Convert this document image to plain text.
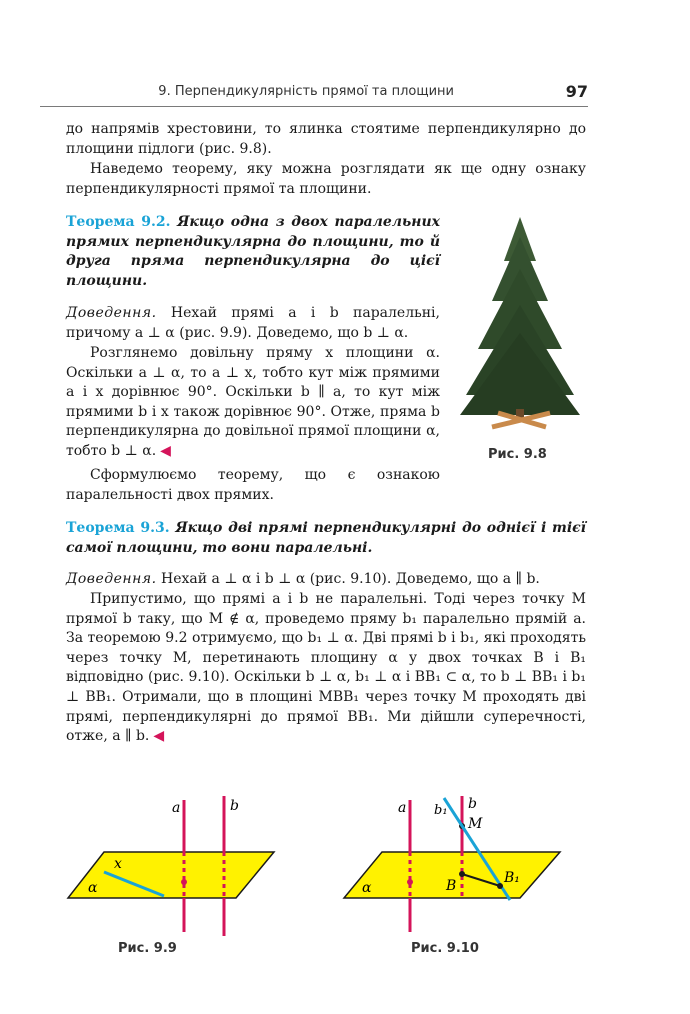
9. Перпендикулярність прямої та площини	97

до напрямів хрестовини, то ялинка стоятиме перпендикулярно до площини підлоги (рис. 9.8).

Наведемо теорему, яку можна розглядати як ще одну ознаку перпендикулярності прямої та площини.

Теорема 9.2. Якщо одна з двох паралельних прямих перпендикулярна до площини, то й друга пряма перпендикулярна до цієї площини.

Доведення. Нехай прямі a і b паралельні, причому a ⊥ α (рис. 9.9). Доведемо, що b ⊥ α.

Розглянемо довільну пряму x площини α. Оскільки a ⊥ α, то a ⊥ x, тобто кут між прямими a і x дорівнює 90°. Оскільки b ∥ a, то кут між прямими b і x також дорівнює 90°. Отже, пряма b перпендикулярна до довільної прямої площини α, тобто b ⊥ α. ◀

Сформулюємо теорему, що є ознакою паралельності двох прямих.

Теорема 9.3. Якщо дві прямі перпендикулярні до однієї і тієї самої площини, то вони паралельні.

Доведення. Нехай a ⊥ α і b ⊥ α (рис. 9.10). Доведемо, що a ∥ b.

Припустимо, що прямі a і b не паралельні. Тоді через точку M прямої b таку, що M ∉ α, проведемо пряму b₁ паралельно прямій a. За теоремою 9.2 отримуємо, що b₁ ⊥ α. Дві прямі b і b₁, які проходять через точку M, перетинають площину α у двох точках B і B₁ відповідно (рис. 9.10). Оскільки b ⊥ α, b₁ ⊥ α і BB₁ ⊂ α, то b ⊥ BB₁ і b₁ ⊥ BB₁. Отримали, що в площині MBB₁ через точку M проходять дві прямі, перпендикулярні до прямої BB₁. Ми дійшли суперечності, отже, a ∥ b. ◀

Рис. 9.8
a	b
x
α
Рис. 9.9
a	b
b₁
M
B	B₁
α
Рис. 9.10
